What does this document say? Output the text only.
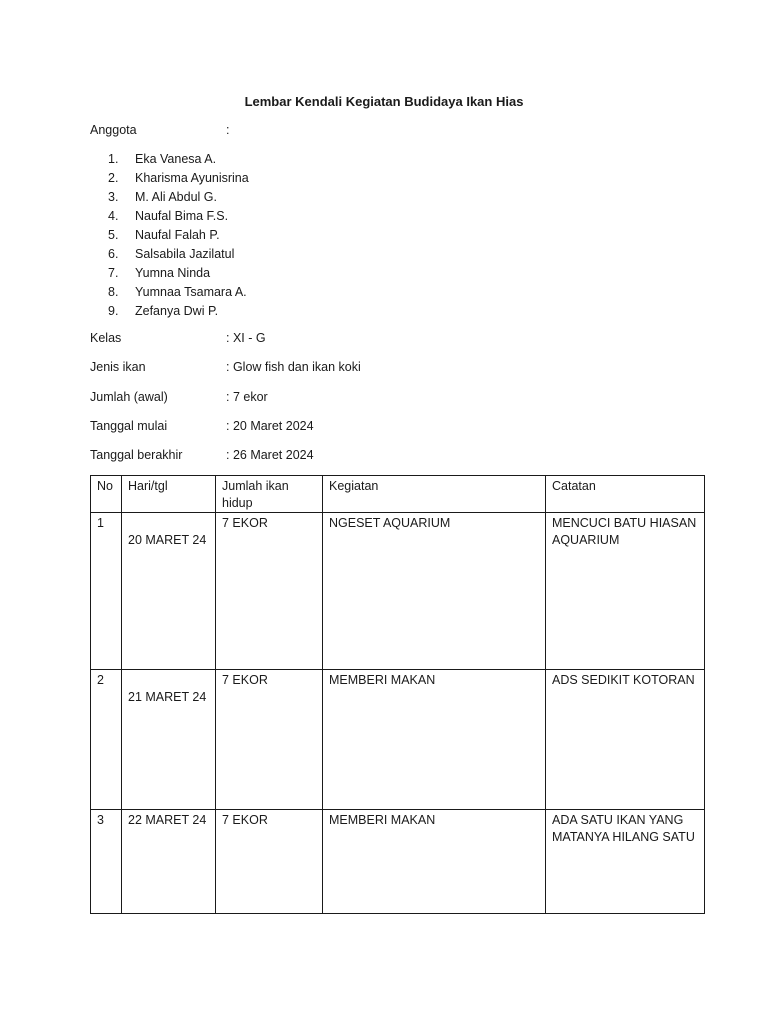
Lembar Kendali Kegiatan Budidaya Ikan Hias
Anggota	:
1. Eka Vanesa A.
2. Kharisma Ayunisrina
3. M. Ali Abdul G.
4. Naufal Bima F.S.
5. Naufal Falah P.
6. Salsabila Jazilatul
7. Yumna Ninda
8. Yumnaa Tsamara A.
9. Zefanya Dwi P.
Kelas	: XI - G
Jenis ikan	: Glow fish dan ikan koki
Jumlah (awal)	: 7 ekor
Tanggal mulai	: 20 Maret 2024
Tanggal berakhir	: 26 Maret 2024
No	Hari/tgl	Jumlah ikan hidup	Kegiatan	Catatan
1	20 MARET 24	7 EKOR	NGESET AQUARIUM	MENCUCI BATU HIASAN AQUARIUM
2	21 MARET 24	7 EKOR	MEMBERI MAKAN	ADS SEDIKIT KOTORAN
3	22 MARET 24	7 EKOR	MEMBERI MAKAN	ADA SATU IKAN YANG MATANYA HILANG SATU
